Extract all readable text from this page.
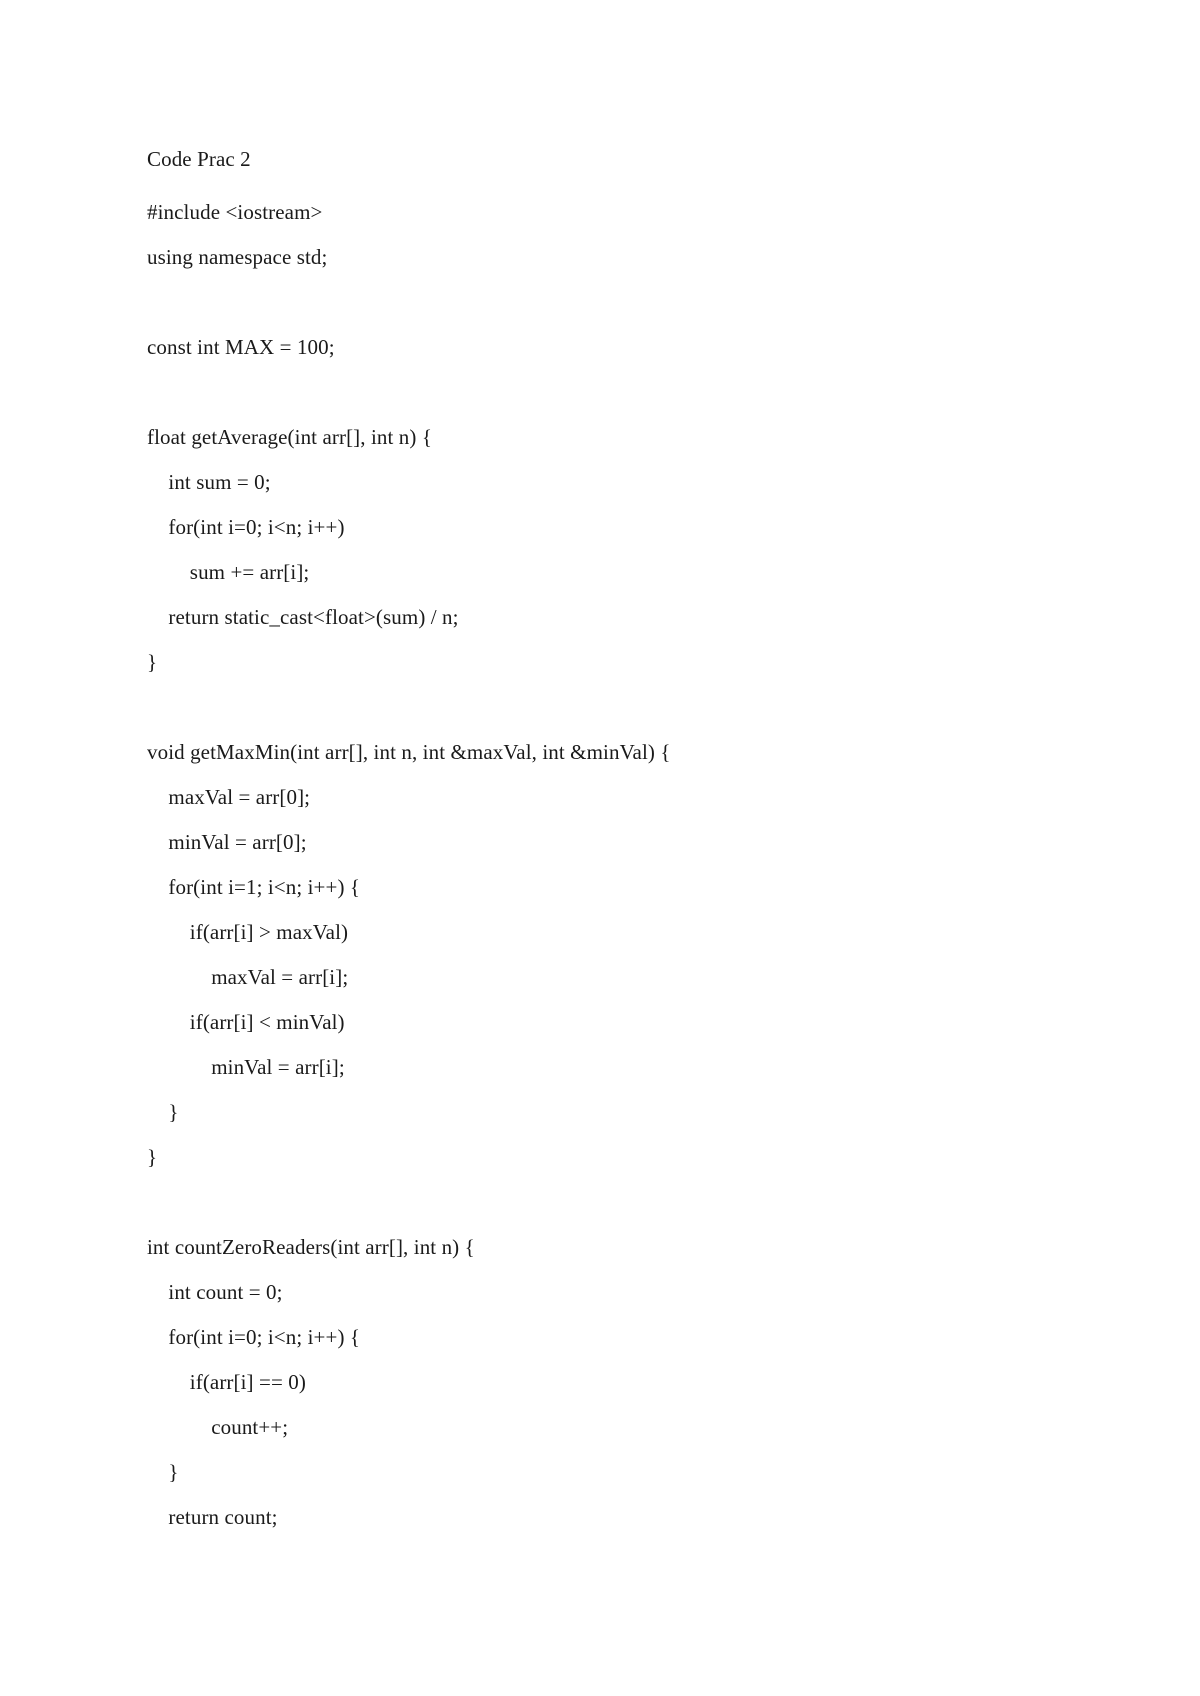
Code Prac 2
#include <iostream>
using namespace std;
const int MAX = 100;
float getAverage(int arr[], int n) {
int sum = 0;
for(int i=0; i<n; i++)
sum += arr[i];
return static_cast<float>(sum) / n;
}
void getMaxMin(int arr[], int n, int &maxVal, int &minVal) {
maxVal = arr[0];
minVal = arr[0];
for(int i=1; i<n; i++) {
if(arr[i] > maxVal)
maxVal = arr[i];
if(arr[i] < minVal)
minVal = arr[i];
}
}
int countZeroReaders(int arr[], int n) {
int count = 0;
for(int i=0; i<n; i++) {
if(arr[i] == 0)
count++;
}
return count;
